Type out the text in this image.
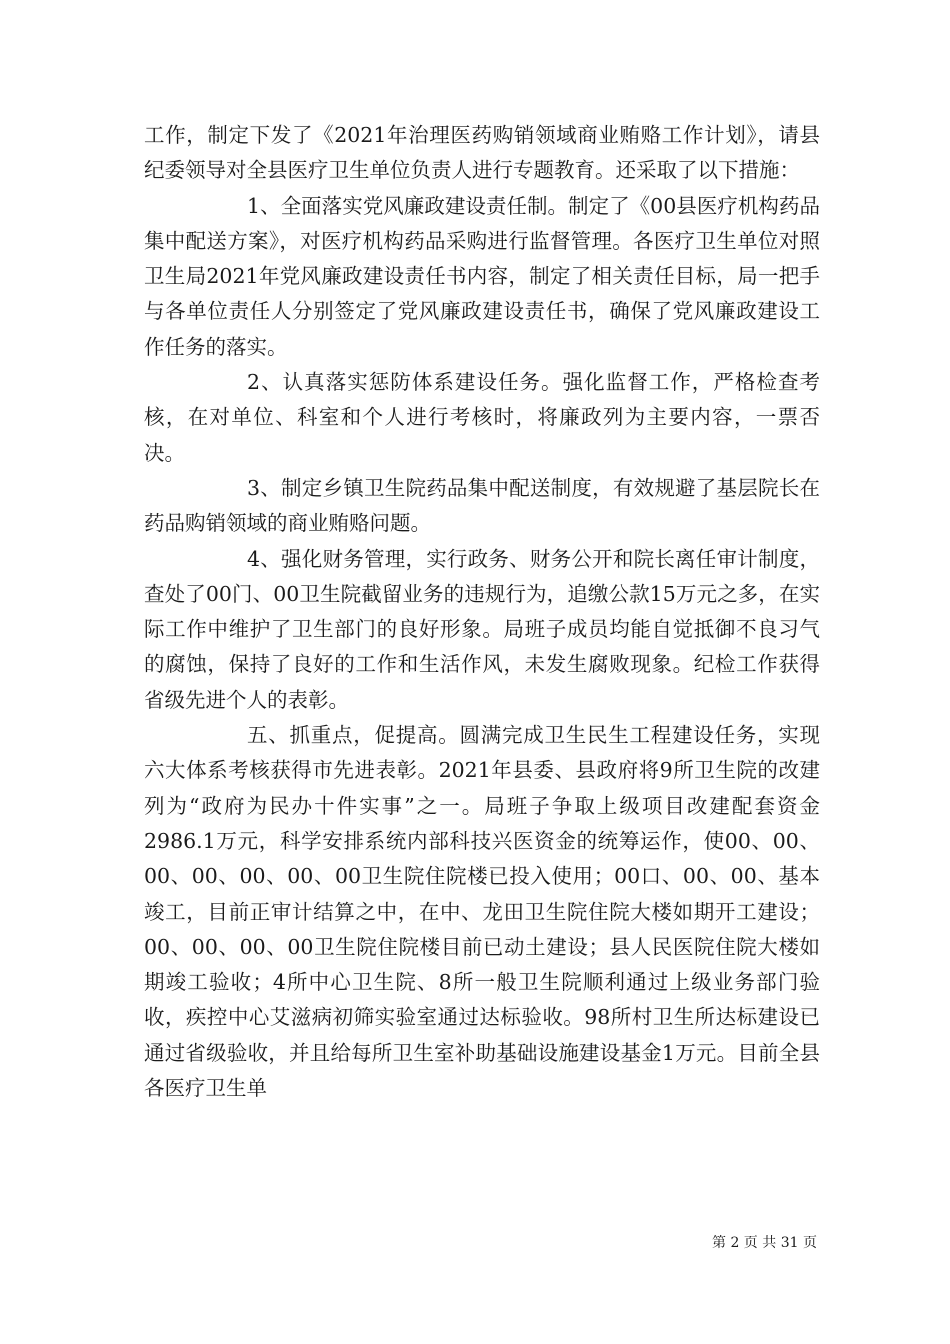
工作，制定下发了《2021年治理医药购销领域商业贿赂工作计划》，请县纪委领导对全县医疗卫生单位负责人进行专题教育。还采取了以下措施：

1、全面落实党风廉政建设责任制。制定了《00县医疗机构药品集中配送方案》，对医疗机构药品采购进行监督管理。各医疗卫生单位对照卫生局2021年党风廉政建设责任书内容，制定了相关责任目标，局一把手与各单位责任人分别签定了党风廉政建设责任书，确保了党风廉政建设工作任务的落实。

2、认真落实惩防体系建设任务。强化监督工作，严格检查考核，在对单位、科室和个人进行考核时，将廉政列为主要内容，一票否决。

3、制定乡镇卫生院药品集中配送制度，有效规避了基层院长在药品购销领域的商业贿赂问题。

4、强化财务管理，实行政务、财务公开和院长离任审计制度，查处了00门、00卫生院截留业务的违规行为，追缴公款15万元之多，在实际工作中维护了卫生部门的良好形象。局班子成员均能自觉抵御不良习气的腐蚀，保持了良好的工作和生活作风，未发生腐败现象。纪检工作获得省级先进个人的表彰。

五、抓重点，促提高。圆满完成卫生民生工程建设任务，实现六大体系考核获得市先进表彰。2021年县委、县政府将9所卫生院的改建列为“政府为民办十件实事”之一。局班子争取上级项目改建配套资金2986.1万元，科学安排系统内部科技兴医资金的统筹运作，使00、00、00、00、00、00、00卫生院住院楼已投入使用；00口、00、00、基本竣工，目前正审计结算之中，在中、龙田卫生院住院大楼如期开工建设；00、00、00、00卫生院住院楼目前已动土建设；县人民医院住院大楼如期竣工验收；4所中心卫生院、8所一般卫生院顺利通过上级业务部门验收，疾控中心艾滋病初筛实验室通过达标验收。98所村卫生所达标建设已通过省级验收，并且给每所卫生室补助基础设施建设基金1万元。目前全县各医疗卫生单

第 2 页 共 31 页
